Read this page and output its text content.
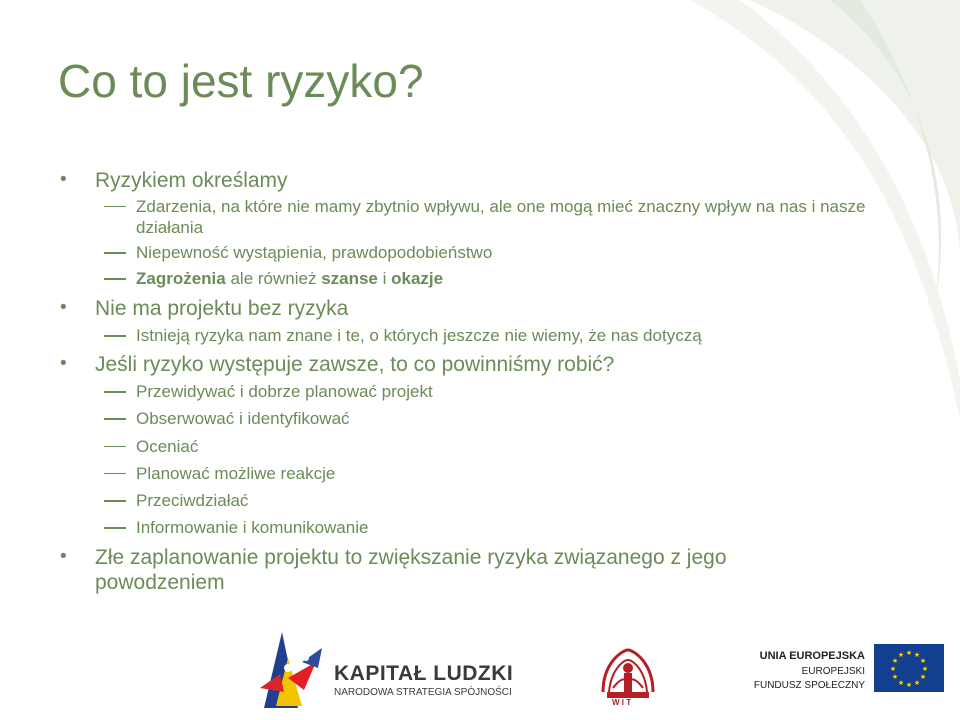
Co to jest ryzyko?
• Ryzykiem określamy
Zdarzenia, na które nie mamy zbytnio wpływu, ale one mogą mieć znaczny wpływ na nas i nasze działania
Niepewność wystąpienia, prawdopodobieństwo
Zagrożenia ale również szanse i okazje
• Nie ma projektu bez ryzyka
Istnieją ryzyka nam znane i te, o których jeszcze nie wiemy, że nas dotyczą
• Jeśli ryzyko występuje zawsze, to co powinniśmy robić?
Przewidywać i dobrze planować projekt
Obserwować i identyfikować
Oceniać
Planować możliwe reakcje
Przeciwdziałać
Informowanie i komunikowanie
• Złe zaplanowanie projektu to zwiększanie ryzyka związanego z jego powodzeniem
KAPITAŁ LUDZKI
NARODOWA STRATEGIA SPÓJNOŚCI
W I T
UNIA EUROPEJSKA
EUROPEJSKI
FUNDUSZ SPOŁECZNY
★ ★
★
★
★
★
★
★
★
★
★
★
